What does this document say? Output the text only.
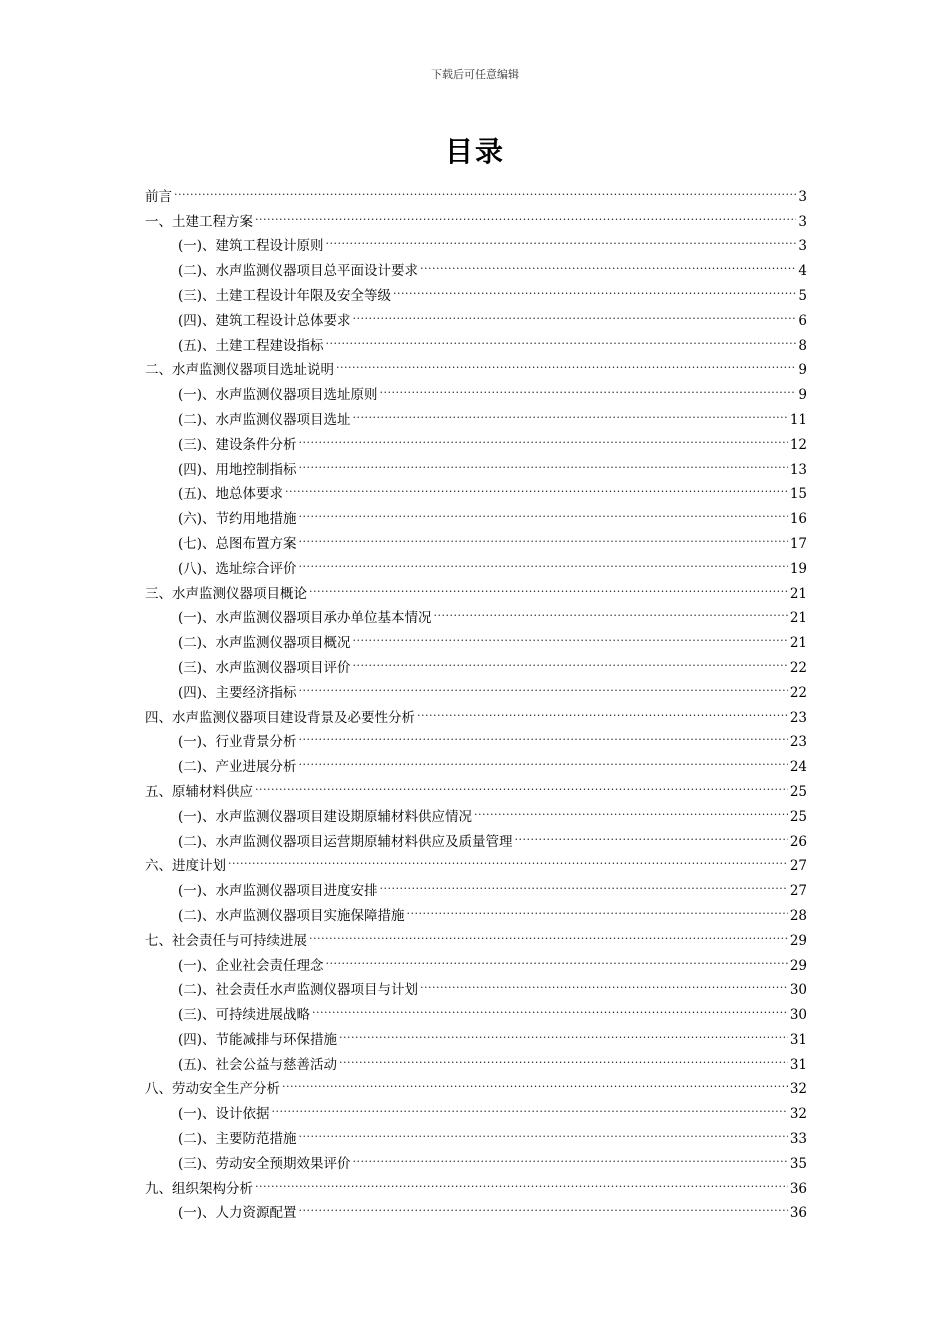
下载后可任意编辑
目录
前言 .....	3
一、土建工程方案 .....	3
(一)、建筑工程设计原则 .....	3
(二)、水声监测仪器项目总平面设计要求 .....	4
(三)、土建工程设计年限及安全等级 .....	5
(四)、建筑工程设计总体要求 .....	6
(五)、土建工程建设指标 .....	8
二、水声监测仪器项目选址说明 .....	9
(一)、水声监测仪器项目选址原则 .....	9
(二)、水声监测仪器项目选址 .....	11
(三)、建设条件分析 .....	12
(四)、用地控制指标 .....	13
(五)、地总体要求 .....	15
(六)、节约用地措施 .....	16
(七)、总图布置方案 .....	17
(八)、选址综合评价 .....	19
三、水声监测仪器项目概论 .....	21
(一)、水声监测仪器项目承办单位基本情况 .....	21
(二)、水声监测仪器项目概况 .....	21
(三)、水声监测仪器项目评价 .....	22
(四)、主要经济指标 .....	22
四、水声监测仪器项目建设背景及必要性分析 .....	23
(一)、行业背景分析 .....	23
(二)、产业进展分析 .....	24
五、原辅材料供应 .....	25
(一)、水声监测仪器项目建设期原辅材料供应情况 .....	25
(二)、水声监测仪器项目运营期原辅材料供应及质量管理 .....	26
六、进度计划 .....	27
(一)、水声监测仪器项目进度安排 .....	27
(二)、水声监测仪器项目实施保障措施 .....	28
七、社会责任与可持续进展 .....	29
(一)、企业社会责任理念 .....	29
(二)、社会责任水声监测仪器项目与计划 .....	30
(三)、可持续进展战略 .....	30
(四)、节能减排与环保措施 .....	31
(五)、社会公益与慈善活动 .....	31
八、劳动安全生产分析 .....	32
(一)、设计依据 .....	32
(二)、主要防范措施 .....	33
(三)、劳动安全预期效果评价 .....	35
九、组织架构分析 .....	36
(一)、人力资源配置 .....	36
